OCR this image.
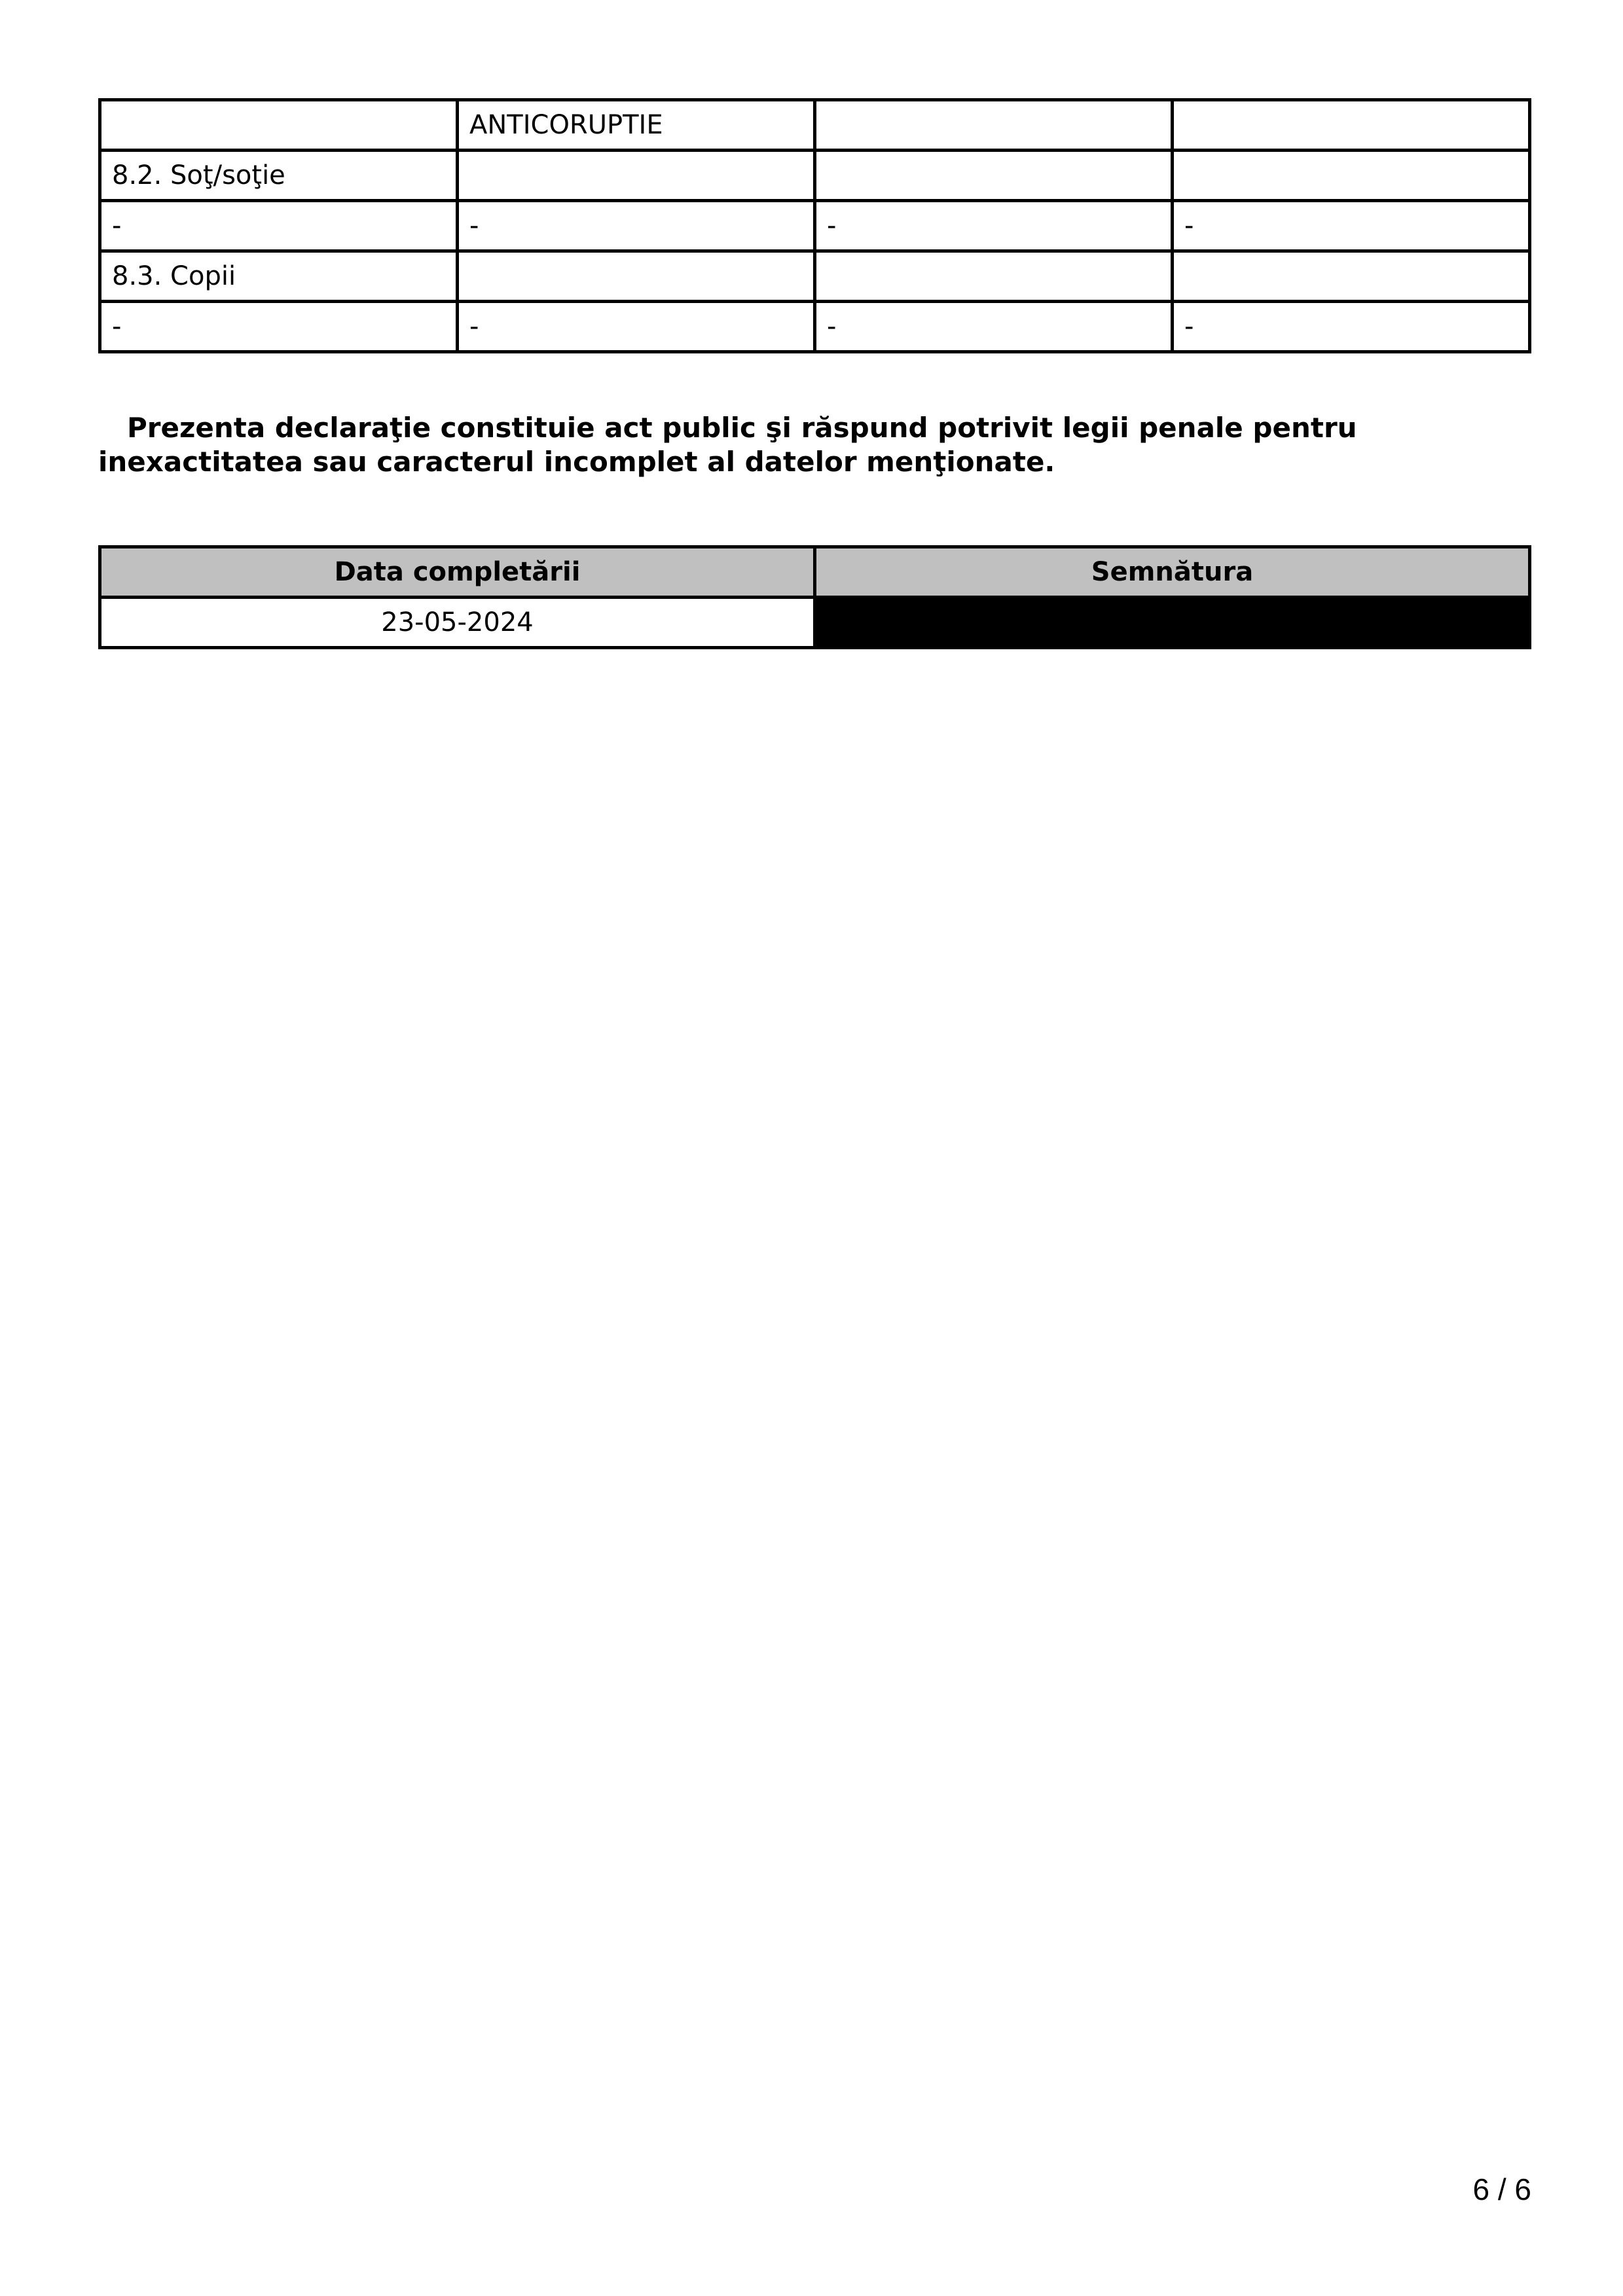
	ANTICORUPTIE		
8.2. Soţ/soţie			
-	-	-	-
8.3. Copii			
-	-	-	-

Prezenta declaraţie constituie act public şi răspund potrivit legii penale pentru inexactitatea sau caracterul incomplet al datelor menţionate.

Data completării	Semnătura
23-05-2024	
6 / 6
